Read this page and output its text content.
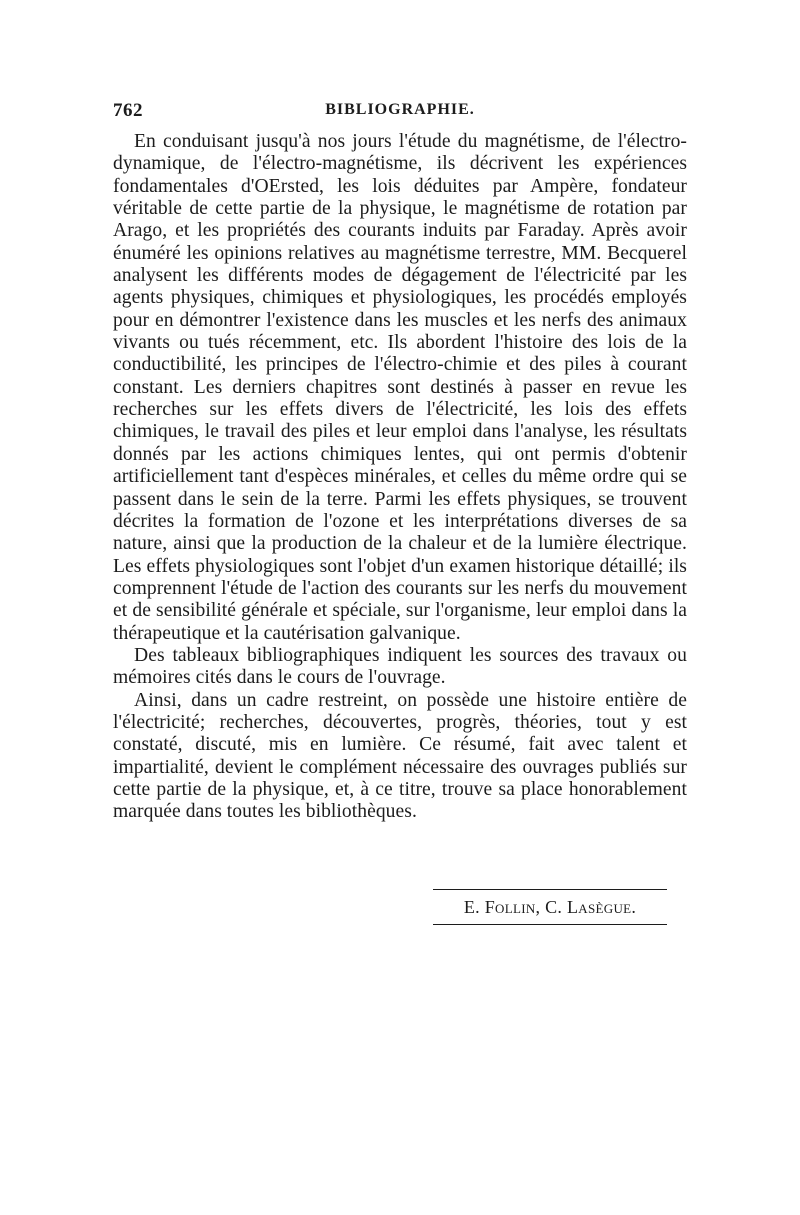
762	BIBLIOGRAPHIE.

En conduisant jusqu'à nos jours l'étude du magnétisme, de l'électro-dynamique, de l'électro-magnétisme, ils décrivent les expériences fondamentales d'OErsted, les lois déduites par Ampère, fondateur véritable de cette partie de la physique, le magnétisme de rotation par Arago, et les propriétés des courants induits par Faraday. Après avoir énuméré les opinions relatives au magnétisme terrestre, MM. Becquerel analysent les différents modes de dégagement de l'électricité par les agents physiques, chimiques et physiologiques, les procédés employés pour en démontrer l'existence dans les muscles et les nerfs des animaux vivants ou tués récemment, etc. Ils abordent l'histoire des lois de la conductibilité, les principes de l'électro-chimie et des piles à courant constant. Les derniers chapitres sont destinés à passer en revue les recherches sur les effets divers de l'électricité, les lois des effets chimiques, le travail des piles et leur emploi dans l'analyse, les résultats donnés par les actions chimiques lentes, qui ont permis d'obtenir artificiellement tant d'espèces minérales, et celles du même ordre qui se passent dans le sein de la terre. Parmi les effets physiques, se trouvent décrites la formation de l'ozone et les interprétations diverses de sa nature, ainsi que la production de la chaleur et de la lumière électrique. Les effets physiologiques sont l'objet d'un examen historique détaillé; ils comprennent l'étude de l'action des courants sur les nerfs du mouvement et de sensibilité générale et spéciale, sur l'organisme, leur emploi dans la thérapeutique et la cautérisation galvanique.

Des tableaux bibliographiques indiquent les sources des travaux ou mémoires cités dans le cours de l'ouvrage.

Ainsi, dans un cadre restreint, on possède une histoire entière de l'électricité; recherches, découvertes, progrès, théories, tout y est constaté, discuté, mis en lumière. Ce résumé, fait avec talent et impartialité, devient le complément nécessaire des ouvrages publiés sur cette partie de la physique, et, à ce titre, trouve sa place honorablement marquée dans toutes les bibliothèques.

E. Follin, C. Lasègue.
